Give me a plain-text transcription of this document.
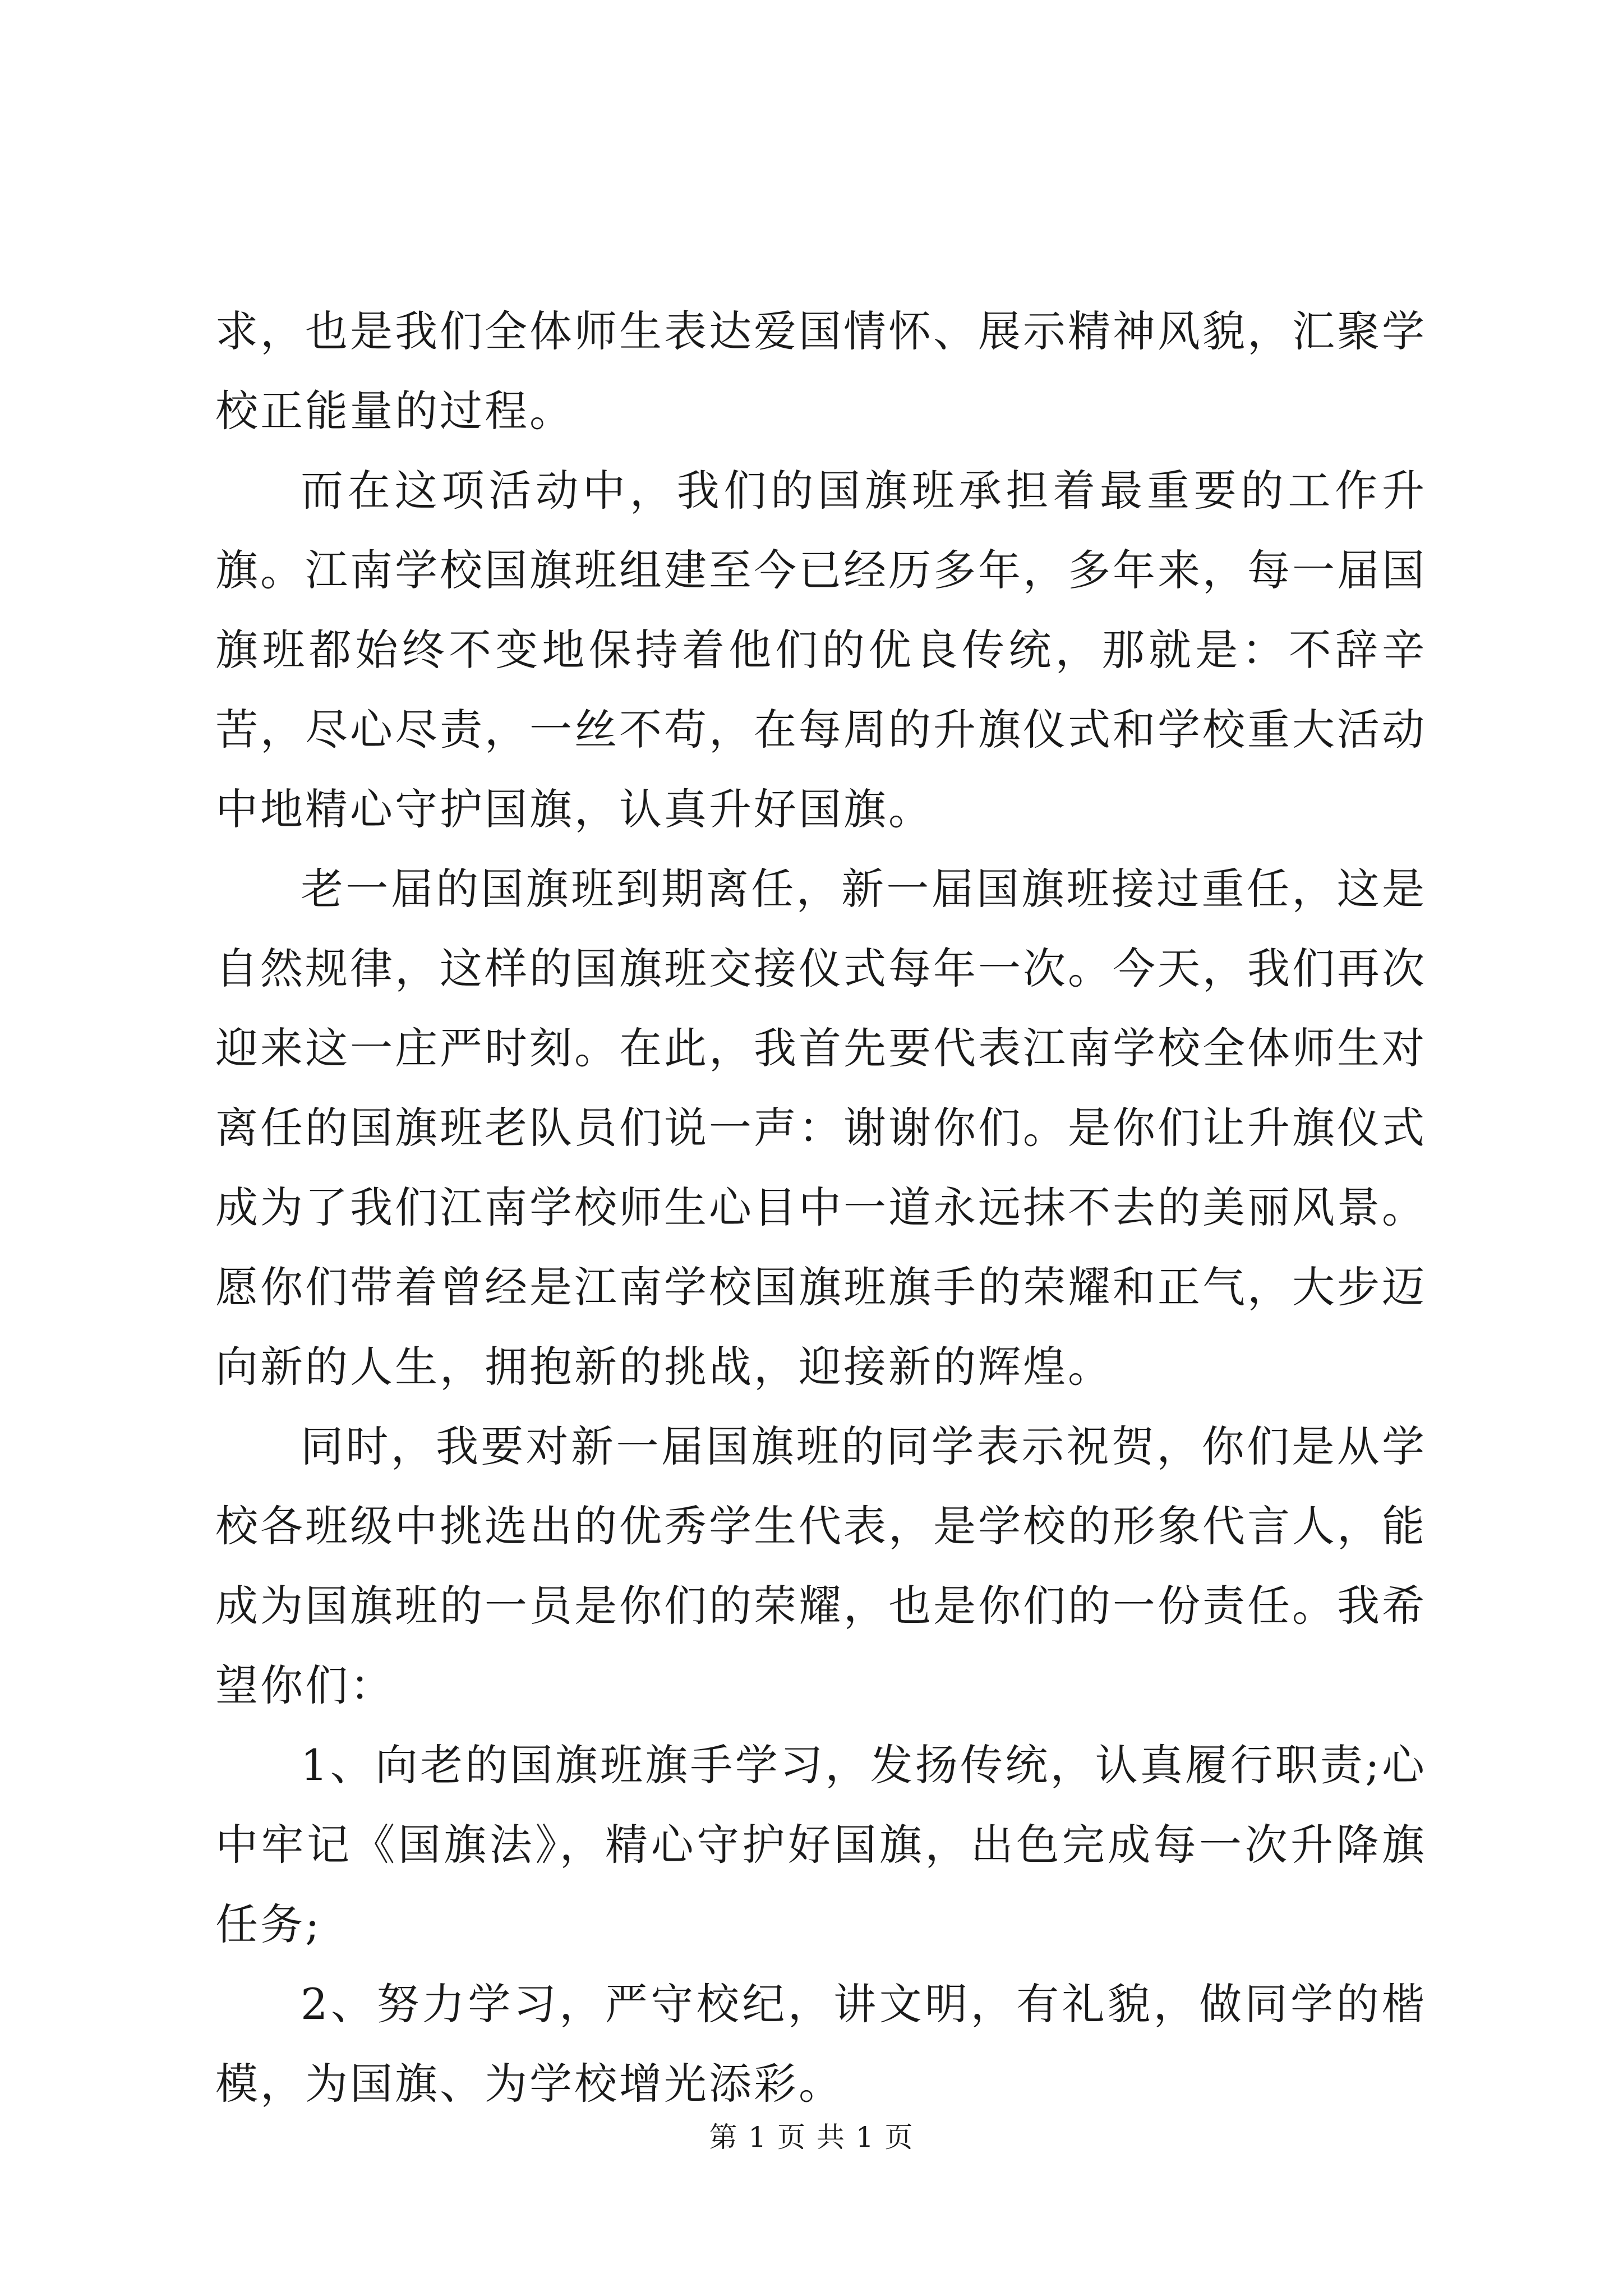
求，也是我们全体师生表达爱国情怀、展示精神风貌，汇聚学校正能量的过程。

而在这项活动中，我们的国旗班承担着最重要的工作升旗。江南学校国旗班组建至今已经历多年，多年来，每一届国旗班都始终不变地保持着他们的优良传统，那就是：不辞辛苦，尽心尽责，一丝不苟，在每周的升旗仪式和学校重大活动中地精心守护国旗，认真升好国旗。

老一届的国旗班到期离任，新一届国旗班接过重任，这是自然规律，这样的国旗班交接仪式每年一次。今天，我们再次迎来这一庄严时刻。在此，我首先要代表江南学校全体师生对离任的国旗班老队员们说一声：谢谢你们。是你们让升旗仪式成为了我们江南学校师生心目中一道永远抹不去的美丽风景。愿你们带着曾经是江南学校国旗班旗手的荣耀和正气，大步迈向新的人生，拥抱新的挑战，迎接新的辉煌。

同时，我要对新一届国旗班的同学表示祝贺，你们是从学校各班级中挑选出的优秀学生代表，是学校的形象代言人，能成为国旗班的一员是你们的荣耀，也是你们的一份责任。我希望你们：

1、向老的国旗班旗手学习，发扬传统，认真履行职责;心中牢记《国旗法》，精心守护好国旗，出色完成每一次升降旗任务;

2、努力学习，严守校纪，讲文明，有礼貌，做同学的楷模，为国旗、为学校增光添彩。

第 1 页 共 1 页
